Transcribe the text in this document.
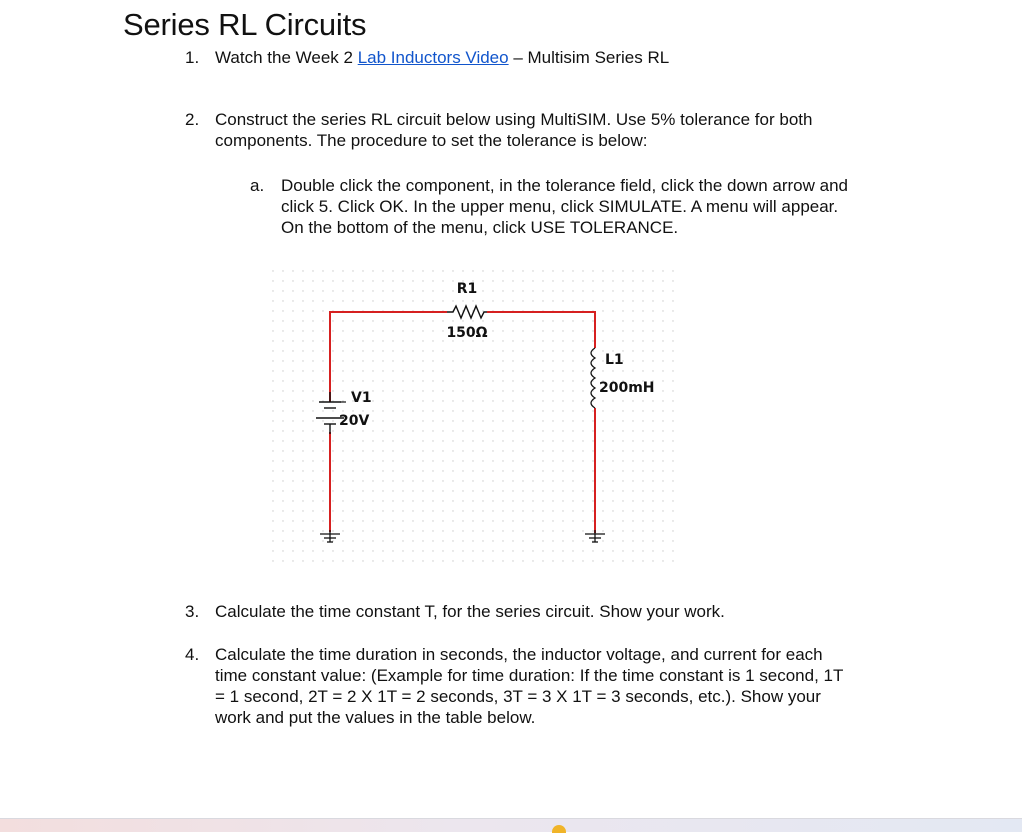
Series RL Circuits
1. Watch the Week 2 Lab Inductors Video – Multisim Series RL
2. Construct the series RL circuit below using MultiSIM. Use 5% tolerance for both
components. The procedure to set the tolerance is below:
a. Double click the component, in the tolerance field, click the down arrow and
click 5. Click OK. In the upper menu, click SIMULATE. A menu will appear.
On the bottom of the menu, click USE TOLERANCE.
R1
150Ω
L1
200mH
V1
20V
3. Calculate the time constant T, for the series circuit. Show your work.
4. Calculate the time duration in seconds, the inductor voltage, and current for each
time constant value: (Example for time duration: If the time constant is 1 second, 1T
= 1 second, 2T = 2 X 1T = 2 seconds, 3T = 3 X 1T = 3 seconds, etc.). Show your
work and put the values in the table below.
